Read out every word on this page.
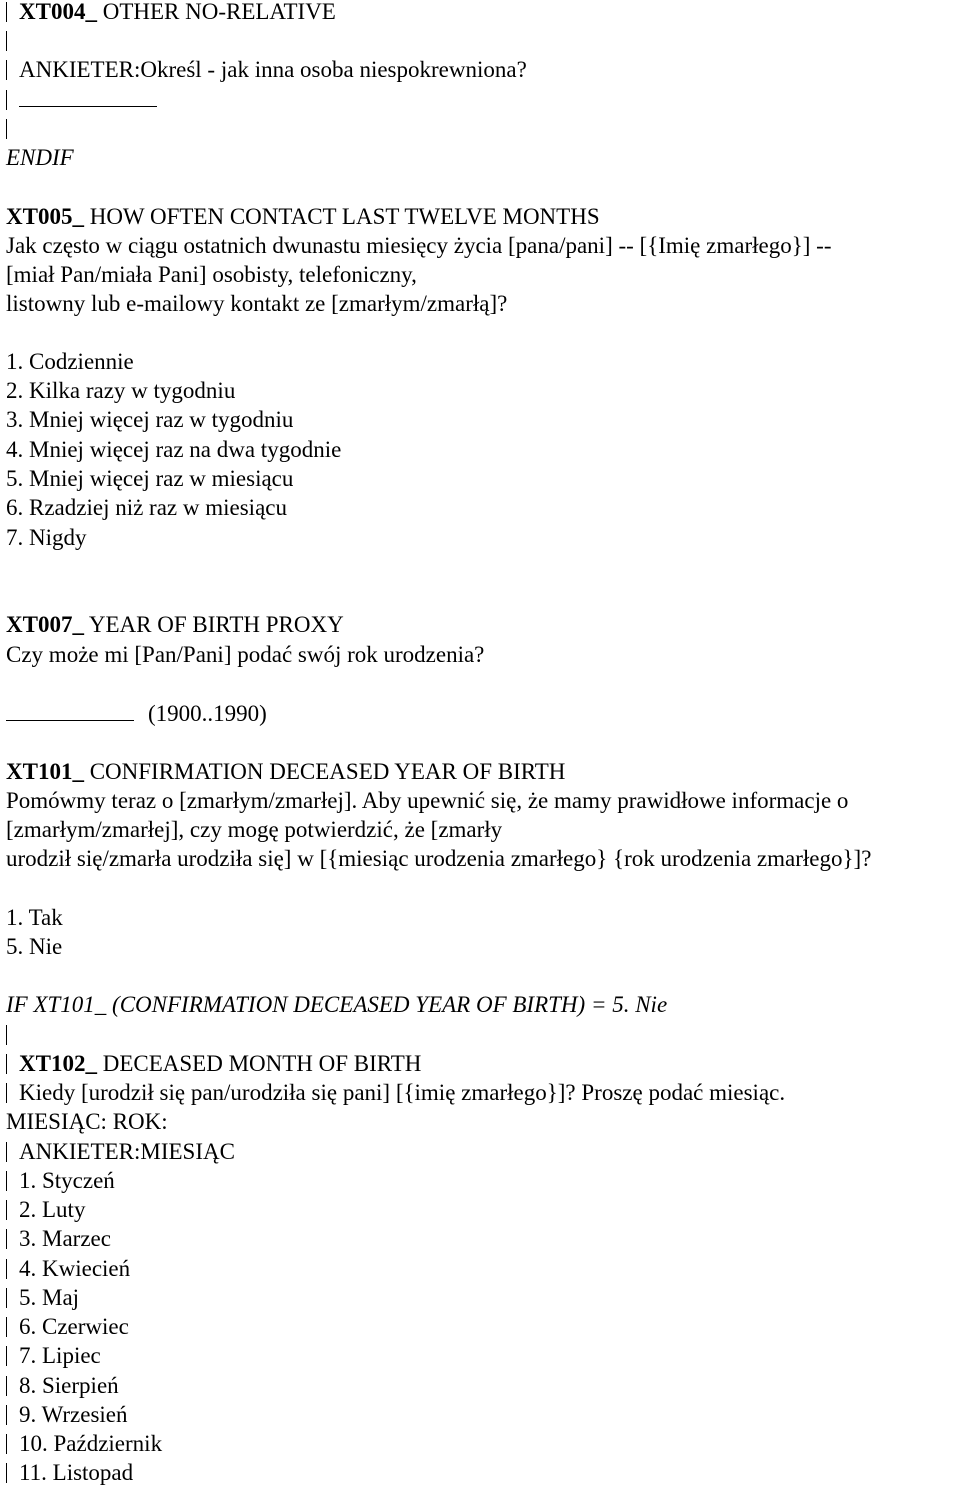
XT004_ OTHER NO-RELATIVE
ANKIETER:Określ - jak inna osoba niespokrewniona?
ENDIF
XT005_ HOW OFTEN CONTACT LAST TWELVE MONTHS
Jak często w ciągu ostatnich dwunastu miesięcy życia [pana/pani] -- [{Imię zmarłego}] --
[miał Pan/miała Pani] osobisty, telefoniczny,
listowny lub e-mailowy kontakt ze [zmarłym/zmarłą]?
1. Codziennie
2. Kilka razy w tygodniu
3. Mniej więcej raz w tygodniu
4. Mniej więcej raz na dwa tygodnie
5. Mniej więcej raz w miesiącu
6. Rzadziej niż raz w miesiącu
7. Nigdy
XT007_ YEAR OF BIRTH PROXY
Czy może mi [Pan/Pani] podać swój rok urodzenia?
(1900..1990)
XT101_ CONFIRMATION DECEASED YEAR OF BIRTH
Pomówmy teraz o [zmarłym/zmarłej]. Aby upewnić się, że mamy prawidłowe informacje o
[zmarłym/zmarłej], czy mogę potwierdzić, że [zmarły
urodził się/zmarła urodziła się] w [{miesiąc urodzenia zmarłego} {rok urodzenia zmarłego}]?
1. Tak
5. Nie
IF XT101_ (CONFIRMATION DECEASED YEAR OF BIRTH) = 5. Nie
XT102_ DECEASED MONTH OF BIRTH
Kiedy [urodził się pan/urodziła się pani] [{imię zmarłego}]? Proszę podać miesiąc.
MIESIĄC: ROK:
ANKIETER:MIESIĄC
1. Styczeń
2. Luty
3. Marzec
4. Kwiecień
5. Maj
6. Czerwiec
7. Lipiec
8. Sierpień
9. Wrzesień
10. Październik
11. Listopad
